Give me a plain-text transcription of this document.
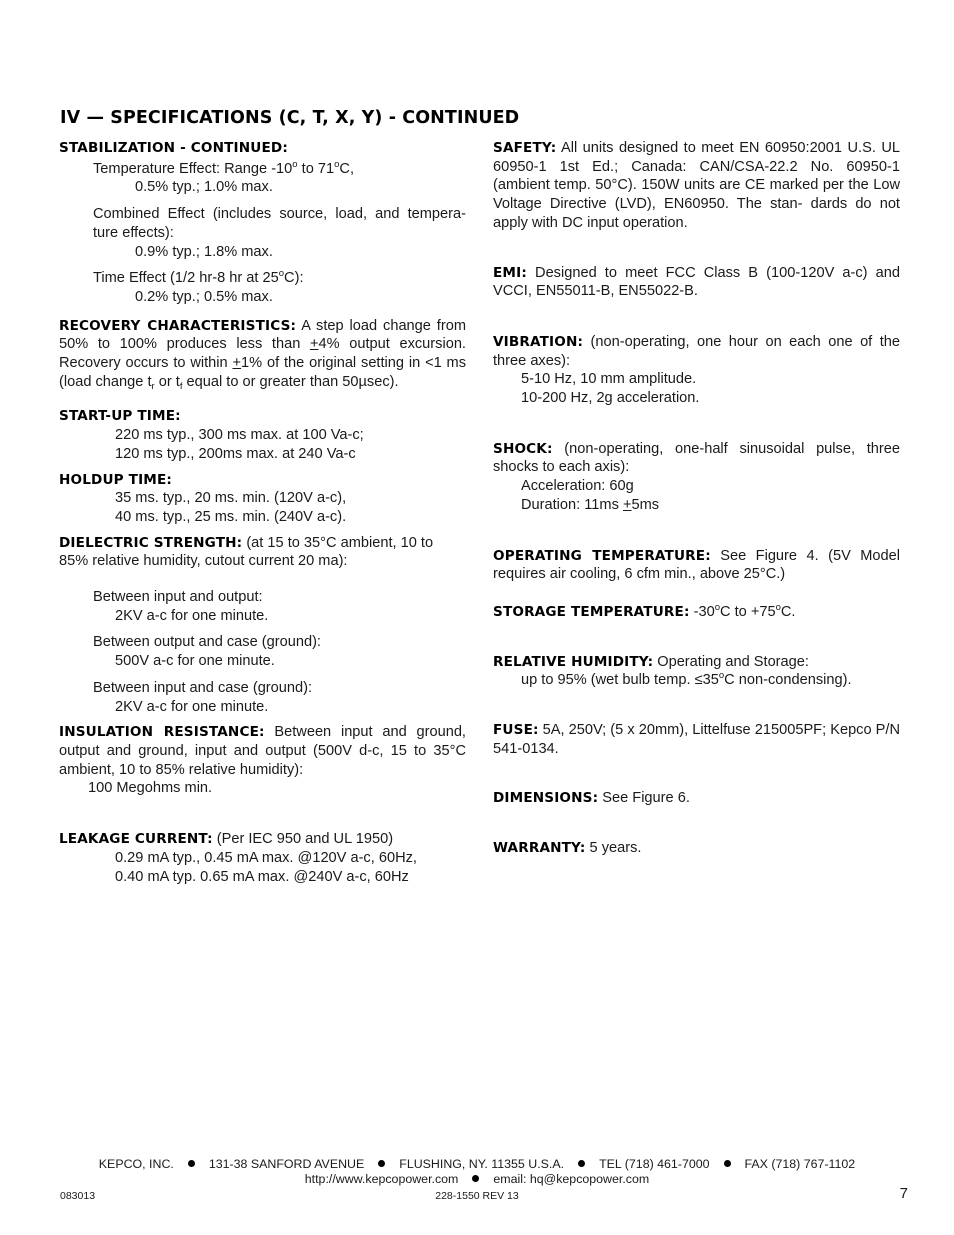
IV — SPECIFICATIONS (C, T, X, Y) - CONTINUED

STABILIZATION - CONTINUED:

Temperature Effect: Range -10$^o$ to 71$^o$C,

0.5% typ.; 1.0% max.

Combined Effect (includes source, load, and tempera- ture effects):

0.9% typ.; 1.8% max.

Time Effect (1/2 hr-8 hr at 25$^o$C):

0.2% typ.; 0.5% max.

RECOVERY CHARACTERISTICS: A step load change from 50% to 100% produces less than +4% output excursion. Recovery occurs to within +1% of the original setting in <1 ms (load change $t_r$ or $t_f$ equal to or greater than 50µsec).

START-UP TIME:

220 ms typ., 300 ms max. at 100 Va-c;

120 ms typ., 200ms max. at 240 Va-c

HOLDUP TIME:

35 ms. typ., 20 ms. min. (120V a-c),

40 ms. typ., 25 ms. min. (240V a-c).

DIELECTRIC STRENGTH: (at 15 to 35°C ambient, 10 to 85% relative humidity, cutout current 20 ma):

Between input and output:

2KV a-c for one minute.

Between output and case (ground):

500V a-c for one minute.

Between input and case (ground):

2KV a-c for one minute.

INSULATION RESISTANCE: Between input and ground, output and ground, input and output (500V d-c, 15 to 35°C ambient, 10 to 85% relative humidity):

100 Megohms min.

LEAKAGE CURRENT: (Per IEC 950 and UL 1950)

0.29 mA typ., 0.45 mA max. @120V a-c, 60Hz,

0.40 mA typ. 0.65 mA max. @240V a-c, 60Hz

SAFETY: All units designed to meet EN 60950:2001 U.S. UL 60950-1 1st Ed.; Canada: CAN/CSA-22.2 No. 60950-1 (ambient temp. 50°C). 150W units are CE marked per the Low Voltage Directive (LVD), EN60950. The stan- dards do not apply with DC input operation.

EMI: Designed to meet FCC Class B (100-120V a-c) and VCCI, EN55011-B, EN55022-B.

VIBRATION: (non-operating, one hour on each one of the three axes):

5-10 Hz, 10 mm amplitude.

10-200 Hz, 2g acceleration.

SHOCK: (non-operating, one-half sinusoidal pulse, three shocks to each axis):

Acceleration: 60g

Duration: 11ms +5ms

OPERATING TEMPERATURE: See Figure 4. (5V Model requires air cooling, 6 cfm min., above 25°C.)

STORAGE TEMPERATURE: -30$^o$C to $+75^oC$.

RELATIVE HUMIDITY: Operating and Storage:

up to 95% (wet bulb temp. $\le 35^oC$ non-condensing).

FUSE: 5A, 250V; (5 x 20mm), Littelfuse 215005PF; Kepco P/N 541-0134.

DIMENSIONS: See Figure 6.

WARRANTY: 5 years.

KEPCO, INC.	131-38 SANFORD AVENUE	FLUSHING, NY. 11355 U.S.A.	TEL (718) 461-7000	FAX (718) 767-1102
http://www.kepcopower.com	email: hq@kepcopower.com
083013	228-1550 REV 13	7
